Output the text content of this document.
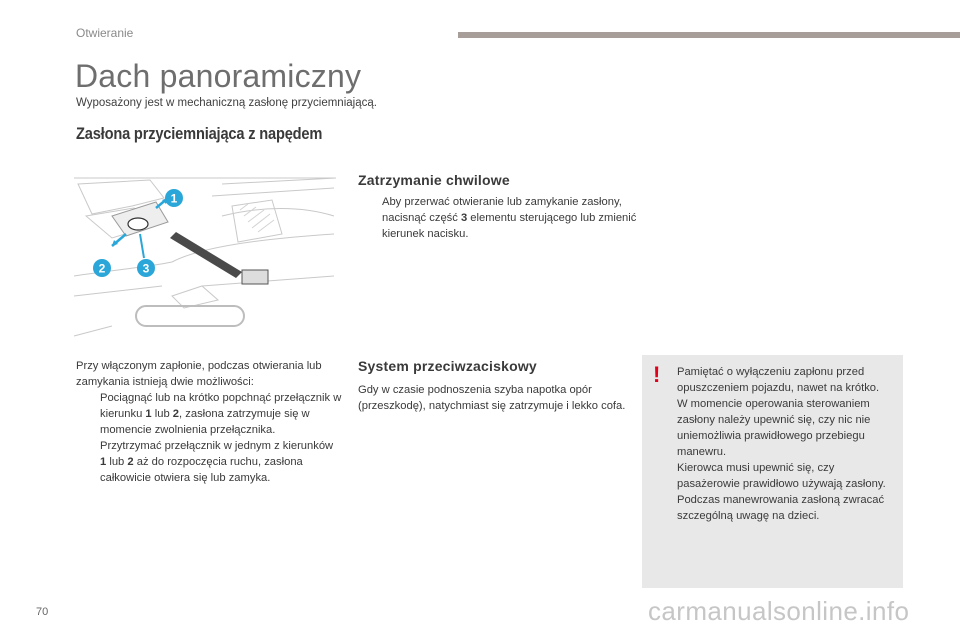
Otwieranie
Dach panoramiczny
Wyposażony jest w mechaniczną zasłonę przyciemniającą.
Zasłona przyciemniająca z napędem
1
2	3
Przy włączonym zapłonie, podczas otwierania lub zamykania istnieją dwie możliwości:
Pociągnąć lub na krótko popchnąć przełącznik w kierunku 1 lub 2, zasłona zatrzymuje się w momencie zwolnienia przełącznika.
Przytrzymać przełącznik w jednym z kierunków 1 lub 2 aż do rozpoczęcia ruchu, zasłona całkowicie otwiera się lub zamyka.
Zatrzymanie chwilowe
Aby przerwać otwieranie lub zamykanie zasłony, nacisnąć część 3 elementu sterującego lub zmienić kierunek nacisku.
System przeciwzaciskowy
Gdy w czasie podnoszenia szyba napotka opór (przeszkodę), natychmiast się zatrzymuje i lekko cofa.
! Pamiętać o wyłączeniu zapłonu przed opuszczeniem pojazdu, nawet na krótko.
W momencie operowania sterowaniem zasłony należy upewnić się, czy nic nie uniemożliwia prawidłowego przebiegu manewru.
Kierowca musi upewnić się, czy pasażerowie prawidłowo używają zasłony.
Podczas manewrowania zasłoną zwracać szczególną uwagę na dzieci.
70	carmanualsonline.info
